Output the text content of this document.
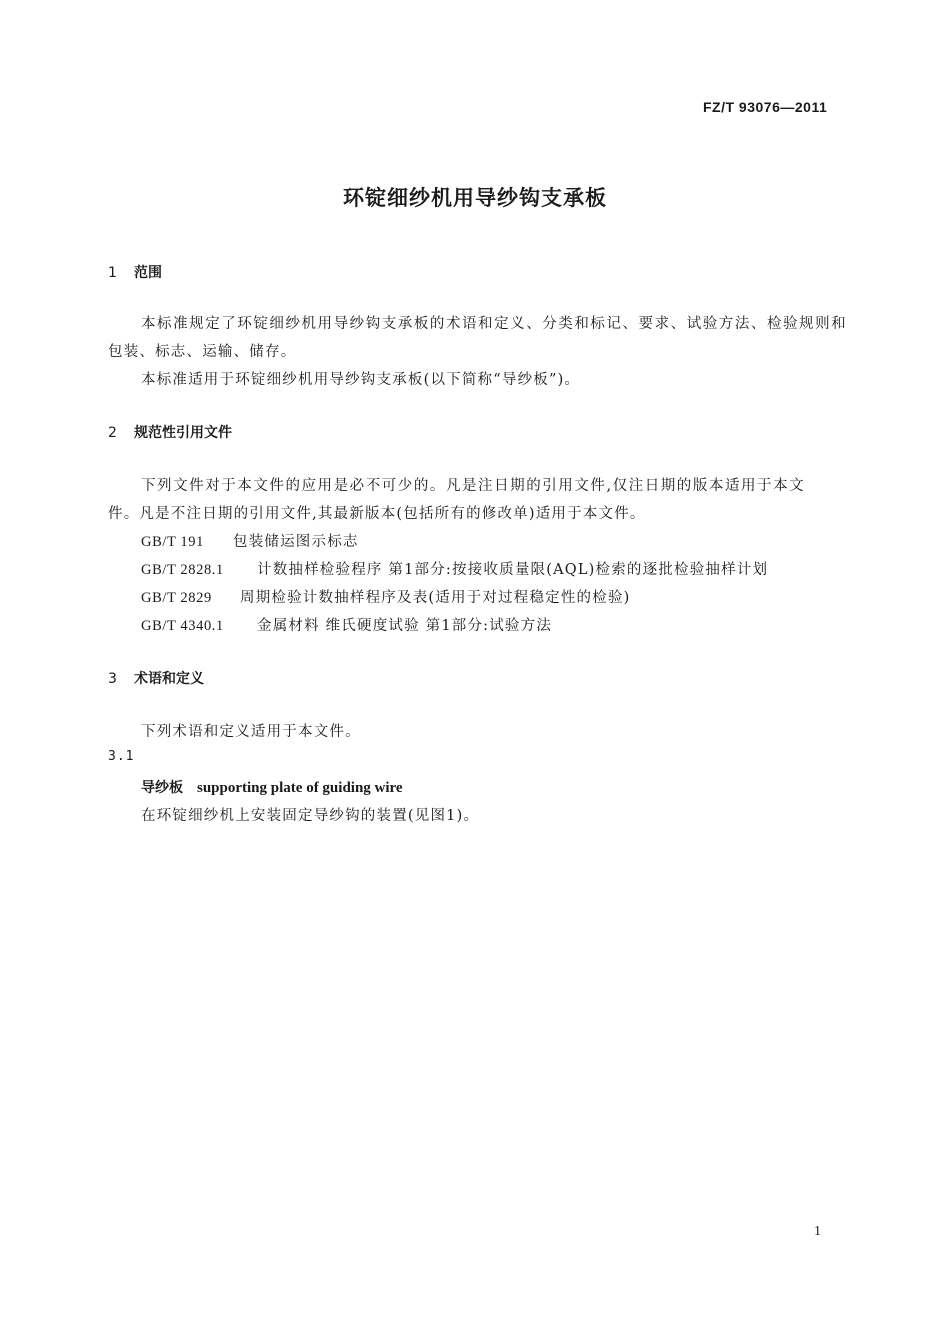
FZ/T 93076—2011
环锭细纱机用导纱钩支承板
1 范围
本标准规定了环锭细纱机用导纱钩支承板的术语和定义、分类和标记、要求、试验方法、检验规则和
包装、标志、运输、储存。
本标准适用于环锭细纱机用导纱钩支承板(以下简称“导纱板”)。
2 规范性引用文件
下列文件对于本文件的应用是必不可少的。凡是注日期的引用文件,仅注日期的版本适用于本文
件。凡是不注日期的引用文件,其最新版本(包括所有的修改单)适用于本文件。
GB/T 191 包装储运图示标志
GB/T 2828.1 计数抽样检验程序 第1部分:按接收质量限(AQL)检索的逐批检验抽样计划
GB/T 2829 周期检验计数抽样程序及表(适用于对过程稳定性的检验)
GB/T 4340.1 金属材料 维氏硬度试验 第1部分:试验方法
3 术语和定义
下列术语和定义适用于本文件。
3.1
导纱板 supporting plate of guiding wire
在环锭细纱机上安装固定导纱钩的装置(见图1)。
1
